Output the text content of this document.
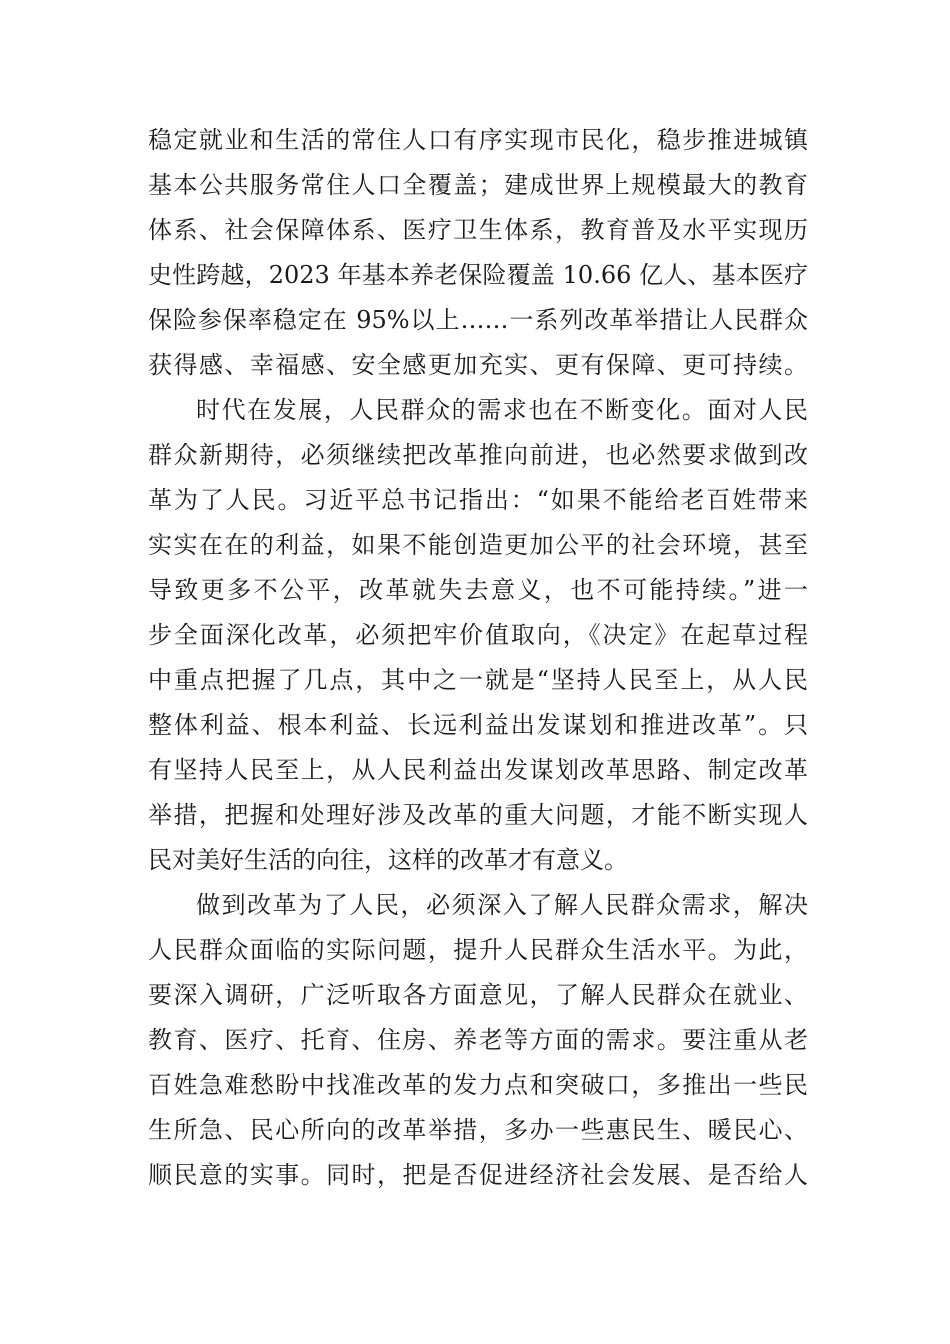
稳定就业和生活的常住人口有序实现市民化，稳步推进城镇
基本公共服务常住人口全覆盖；建成世界上规模最大的教育
体系、社会保障体系、医疗卫生体系，教育普及水平实现历
史性跨越，2023 年基本养老保险覆盖 10.66 亿人、基本医疗
保险参保率稳定在 95%以上……一系列改革举措让人民群众
获得感、幸福感、安全感更加充实、更有保障、更可持续。
时代在发展，人民群众的需求也在不断变化。面对人民
群众新期待，必须继续把改革推向前进，也必然要求做到改
革为了人民。习近平总书记指出：“如果不能给老百姓带来
实实在在的利益，如果不能创造更加公平的社会环境，甚至
导致更多不公平，改革就失去意义，也不可能持续。”进一
步全面深化改革，必须把牢价值取向，《决定》在起草过程
中重点把握了几点，其中之一就是“坚持人民至上，从人民
整体利益、根本利益、长远利益出发谋划和推进改革”。只
有坚持人民至上，从人民利益出发谋划改革思路、制定改革
举措，把握和处理好涉及改革的重大问题，才能不断实现人
民对美好生活的向往，这样的改革才有意义。
做到改革为了人民，必须深入了解人民群众需求，解决
人民群众面临的实际问题，提升人民群众生活水平。为此，
要深入调研，广泛听取各方面意见，了解人民群众在就业、
教育、医疗、托育、住房、养老等方面的需求。要注重从老
百姓急难愁盼中找准改革的发力点和突破口，多推出一些民
生所急、民心所向的改革举措，多办一些惠民生、暖民心、
顺民意的实事。同时，把是否促进经济社会发展、是否给人
